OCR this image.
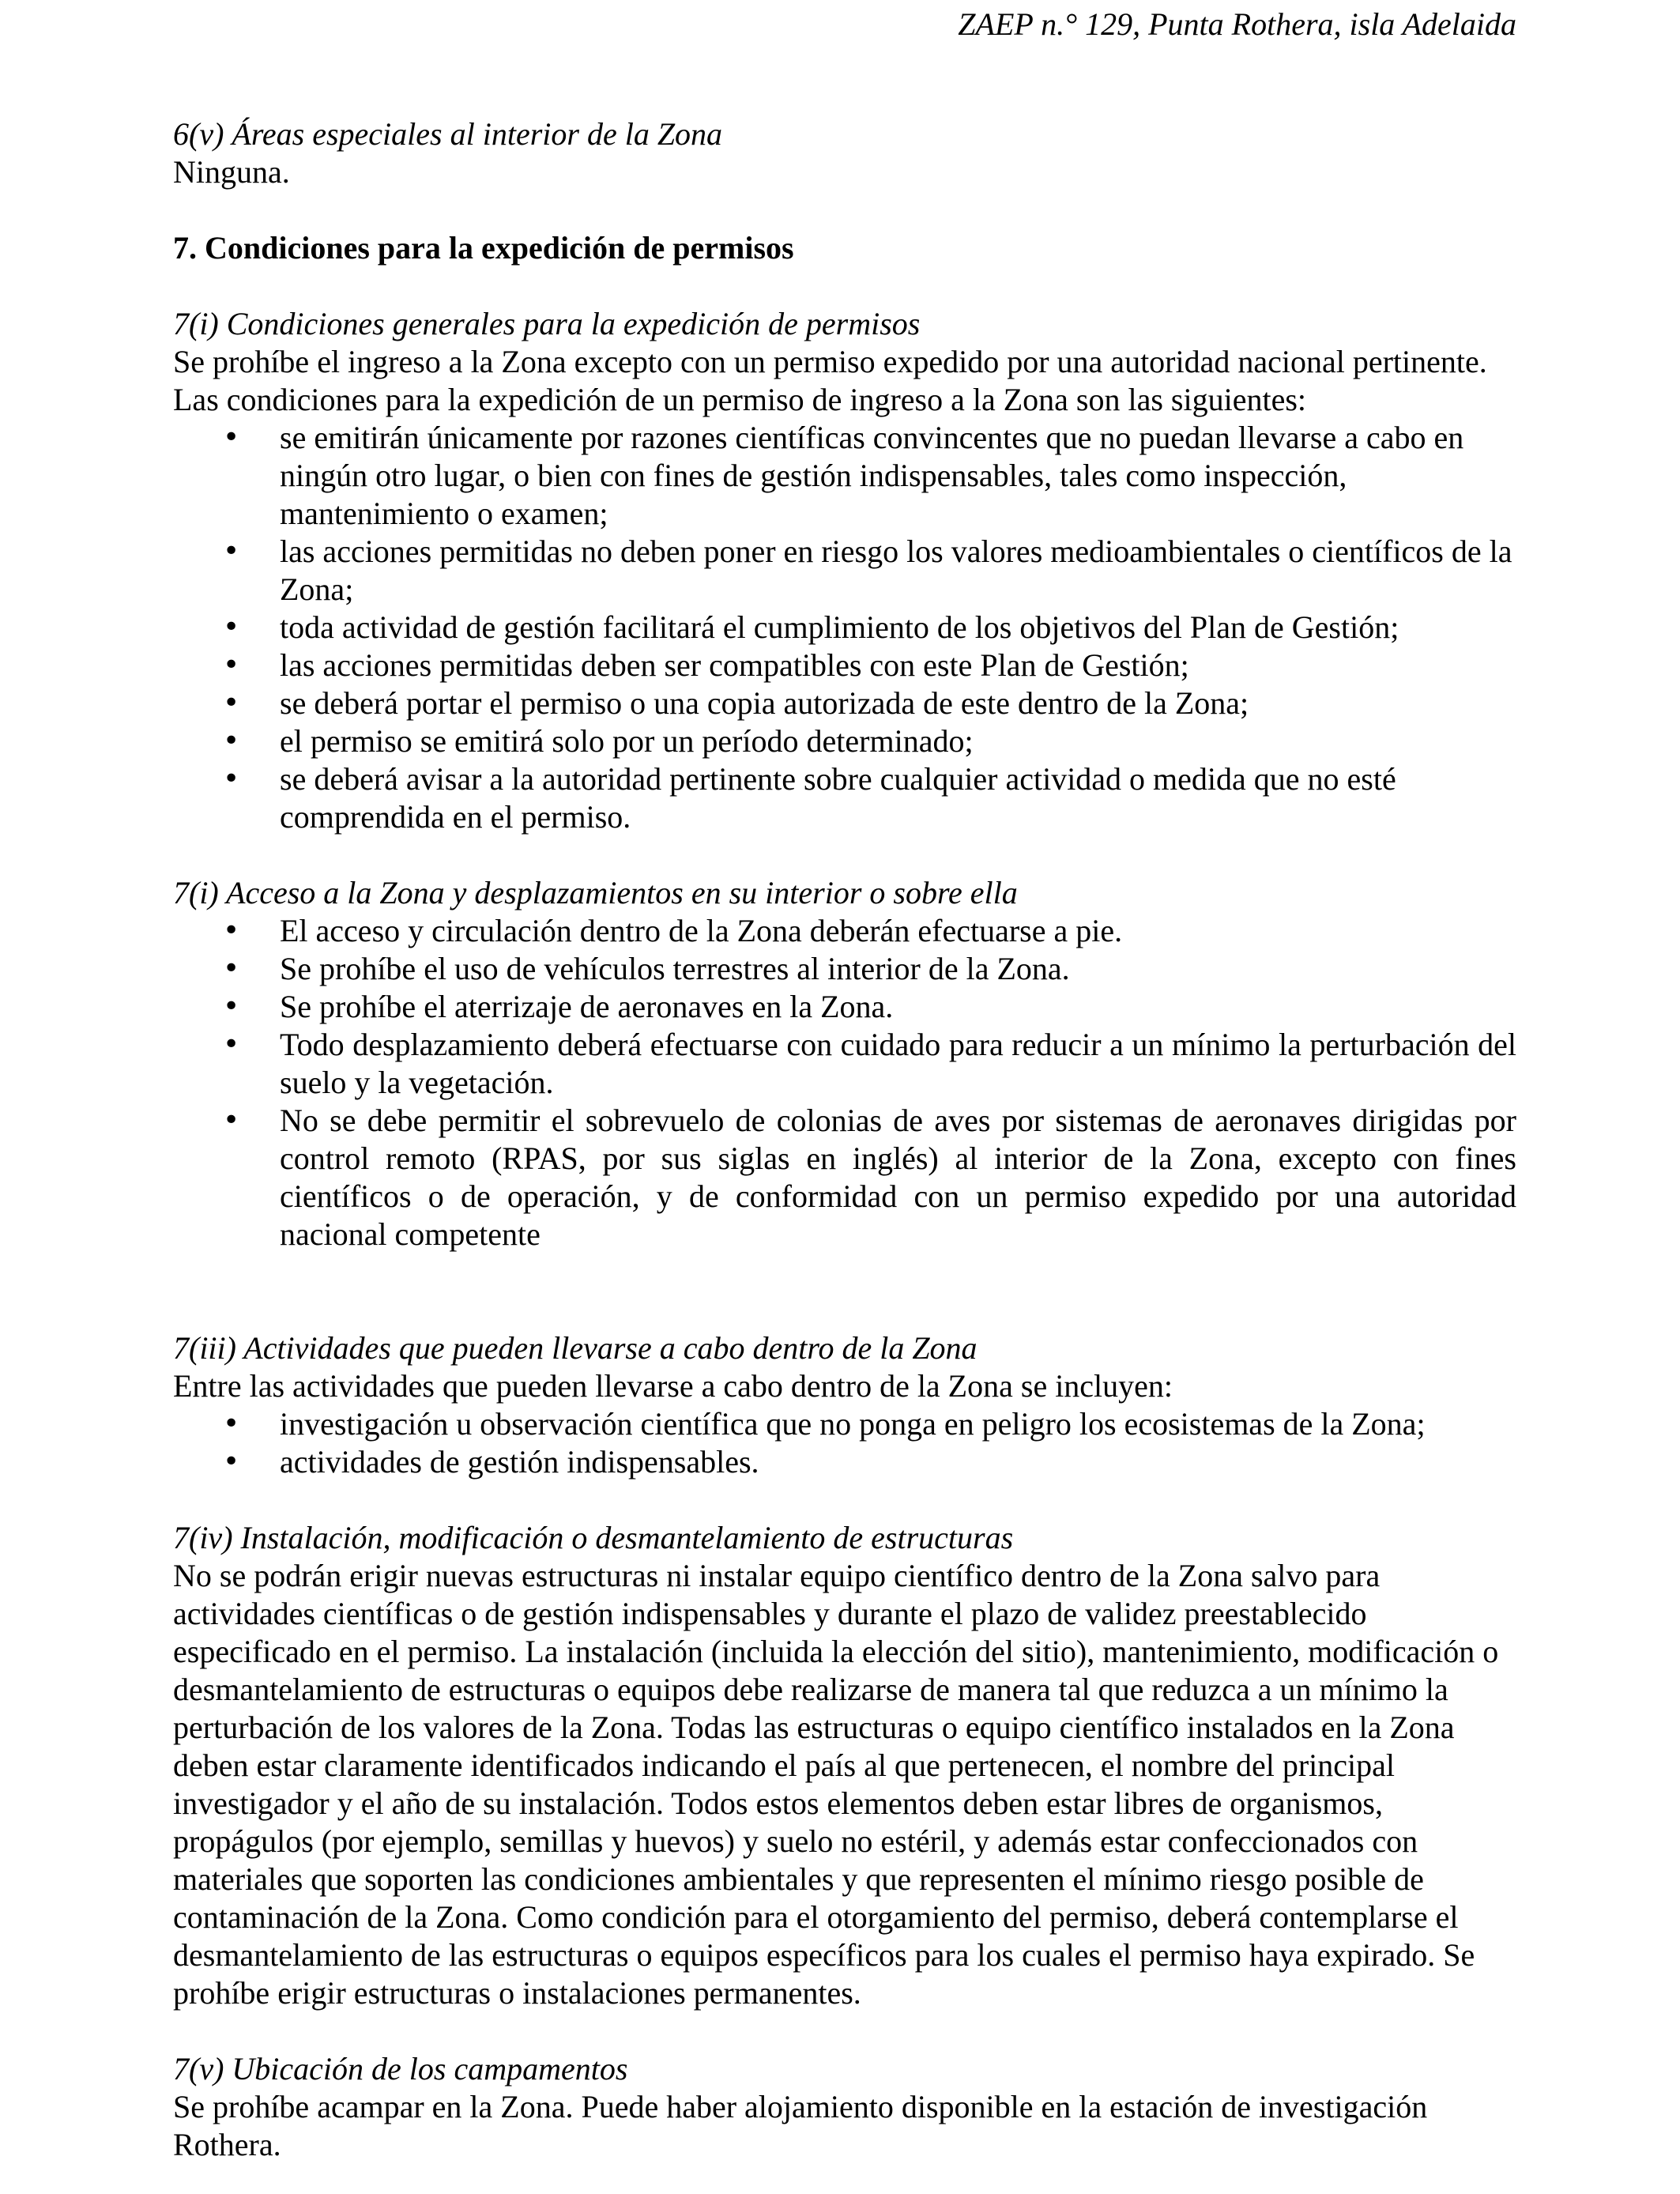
ZAEP n.° 129, Punta Rothera, isla Adelaida

6(v) Áreas especiales al interior de la Zona

Ninguna.

7. Condiciones para la expedición de permisos

7(i) Condiciones generales para la expedición de permisos

Se prohíbe el ingreso a la Zona excepto con un permiso expedido por una autoridad nacional pertinente. Las condiciones para la expedición de un permiso de ingreso a la Zona son las siguientes:

• se emitirán únicamente por razones científicas convincentes que no puedan llevarse a cabo en ningún otro lugar, o bien con fines de gestión indispensables, tales como inspección, mantenimiento o examen;
• las acciones permitidas no deben poner en riesgo los valores medioambientales o científicos de la Zona;
• toda actividad de gestión facilitará el cumplimiento de los objetivos del Plan de Gestión;
• las acciones permitidas deben ser compatibles con este Plan de Gestión;
• se deberá portar el permiso o una copia autorizada de este dentro de la Zona;
• el permiso se emitirá solo por un período determinado;
• se deberá avisar a la autoridad pertinente sobre cualquier actividad o medida que no esté comprendida en el permiso.

7(i) Acceso a la Zona y desplazamientos en su interior o sobre ella

• El acceso y circulación dentro de la Zona deberán efectuarse a pie.
• Se prohíbe el uso de vehículos terrestres al interior de la Zona.
• Se prohíbe el aterrizaje de aeronaves en la Zona.
• Todo desplazamiento deberá efectuarse con cuidado para reducir a un mínimo la perturbación del suelo y la vegetación.
• No se debe permitir el sobrevuelo de colonias de aves por sistemas de aeronaves dirigidas por control remoto (RPAS, por sus siglas en inglés) al interior de la Zona, excepto con fines científicos o de operación, y de conformidad con un permiso expedido por una autoridad nacional competente

7(iii) Actividades que pueden llevarse a cabo dentro de la Zona

Entre las actividades que pueden llevarse a cabo dentro de la Zona se incluyen:

• investigación u observación científica que no ponga en peligro los ecosistemas de la Zona;
• actividades de gestión indispensables.

7(iv) Instalación, modificación o desmantelamiento de estructuras

No se podrán erigir nuevas estructuras ni instalar equipo científico dentro de la Zona salvo para actividades científicas o de gestión indispensables y durante el plazo de validez preestablecido especificado en el permiso. La instalación (incluida la elección del sitio), mantenimiento, modificación o desmantelamiento de estructuras o equipos debe realizarse de manera tal que reduzca a un mínimo la perturbación de los valores de la Zona. Todas las estructuras o equipo científico instalados en la Zona deben estar claramente identificados indicando el país al que pertenecen, el nombre del principal investigador y el año de su instalación. Todos estos elementos deben estar libres de organismos, propágulos (por ejemplo, semillas y huevos) y suelo no estéril, y además estar confeccionados con materiales que soporten las condiciones ambientales y que representen el mínimo riesgo posible de contaminación de la Zona. Como condición para el otorgamiento del permiso, deberá contemplarse el desmantelamiento de las estructuras o equipos específicos para los cuales el permiso haya expirado. Se prohíbe erigir estructuras o instalaciones permanentes.

7(v) Ubicación de los campamentos

Se prohíbe acampar en la Zona. Puede haber alojamiento disponible en la estación de investigación Rothera.
